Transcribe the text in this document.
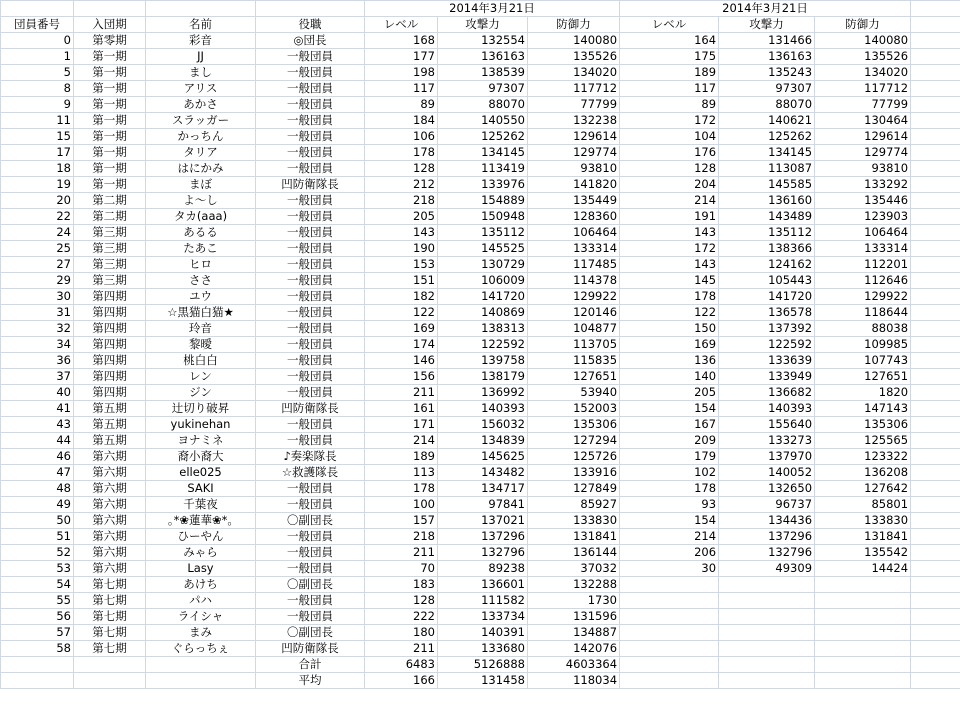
				2014年3月21日			2014年3月21日			
団員番号	入団期	名前	役職	レベル	攻撃力	防御力	レベル	攻撃力	防御力	
0	第零期	彩音	◎団長	168	132554	140080	164	131466	140080	
1	第一期	JJ	一般団員	177	136163	135526	175	136163	135526	
5	第一期	まし	一般団員	198	138539	134020	189	135243	134020	
8	第一期	アリス	一般団員	117	97307	117712	117	97307	117712	
9	第一期	あかさ	一般団員	89	88070	77799	89	88070	77799	
11	第一期	スラッガー	一般団員	184	140550	132238	172	140621	130464	
15	第一期	かっちん	一般団員	106	125262	129614	104	125262	129614	
17	第一期	タリア	一般団員	178	134145	129774	176	134145	129774	
18	第一期	はにかみ	一般団員	128	113419	93810	128	113087	93810	
19	第一期	まぼ	凹防衛隊長	212	133976	141820	204	145585	133292	
20	第二期	よ～し	一般団員	218	154889	135449	214	136160	135446	
22	第二期	タカ(aaa)	一般団員	205	150948	128360	191	143489	123903	
24	第三期	あるる	一般団員	143	135112	106464	143	135112	106464	
25	第三期	たあこ	一般団員	190	145525	133314	172	138366	133314	
27	第三期	ヒロ	一般団員	153	130729	117485	143	124162	112201	
29	第三期	ささ	一般団員	151	106009	114378	145	105443	112646	
30	第四期	ユウ	一般団員	182	141720	129922	178	141720	129922	
31	第四期	☆黒猫白猫★	一般団員	122	140869	120146	122	136578	118644	
32	第四期	玲音	一般団員	169	138313	104877	150	137392	88038	
34	第四期	黎曖	一般団員	174	122592	113705	169	122592	109985	
36	第四期	桃白白	一般団員	146	139758	115835	136	133639	107743	
37	第四期	レン	一般団員	156	138179	127651	140	133949	127651	
40	第四期	ジン	一般団員	211	136992	53940	205	136682	1820	
41	第五期	辻切り破昇	凹防衛隊長	161	140393	152003	154	140393	147143	
43	第五期	yukinehan	一般団員	171	156032	135306	167	155640	135306	
44	第五期	ヨナミネ	一般団員	214	134839	127294	209	133273	125565	
46	第六期	裔小裔大	♪奏楽隊長	189	145625	125726	179	137970	123322	
47	第六期	elle025	☆救護隊長	113	143482	133916	102	140052	136208	
48	第六期	SAKI	一般団員	178	134717	127849	178	132650	127642	
49	第六期	千葉夜	一般団員	100	97841	85927	93	96737	85801	
50	第六期	｡*❀蓮華❀*｡	〇副団長	157	137021	133830	154	134436	133830	
51	第六期	ひーやん	一般団員	218	137296	131841	214	137296	131841	
52	第六期	みゃら	一般団員	211	132796	136144	206	132796	135542	
53	第六期	Lasy	一般団員	70	89238	37032	30	49309	14424	
54	第七期	あけち	〇副団長	183	136601	132288				
55	第七期	パハ	一般団員	128	111582	1730				
56	第七期	ライシャ	一般団員	222	133734	131596				
57	第七期	まみ	〇副団長	180	140391	134887				
58	第七期	ぐらっちぇ	凹防衛隊長	211	133680	142076				
			合計	6483	5126888	4603364				
			平均	166	131458	118034				
